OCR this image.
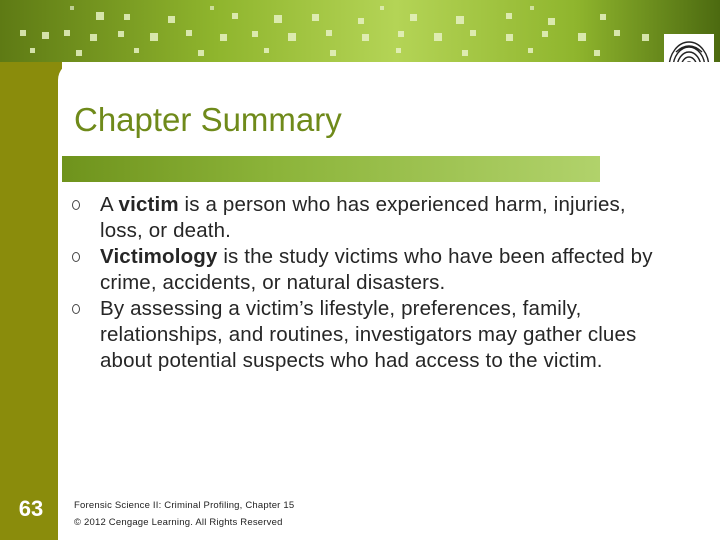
Chapter Summary
A victim is a person who has experienced harm, injuries, loss, or death.
Victimology is the study victims who have been affected by crime, accidents, or natural disasters.
By assessing a victim’s lifestyle, preferences, family, relationships, and routines, investigators may gather clues about potential suspects who had access to the victim.
63	Forensic Science II: Criminal Profiling, Chapter 15
© 2012 Cengage Learning. All Rights Reserved
